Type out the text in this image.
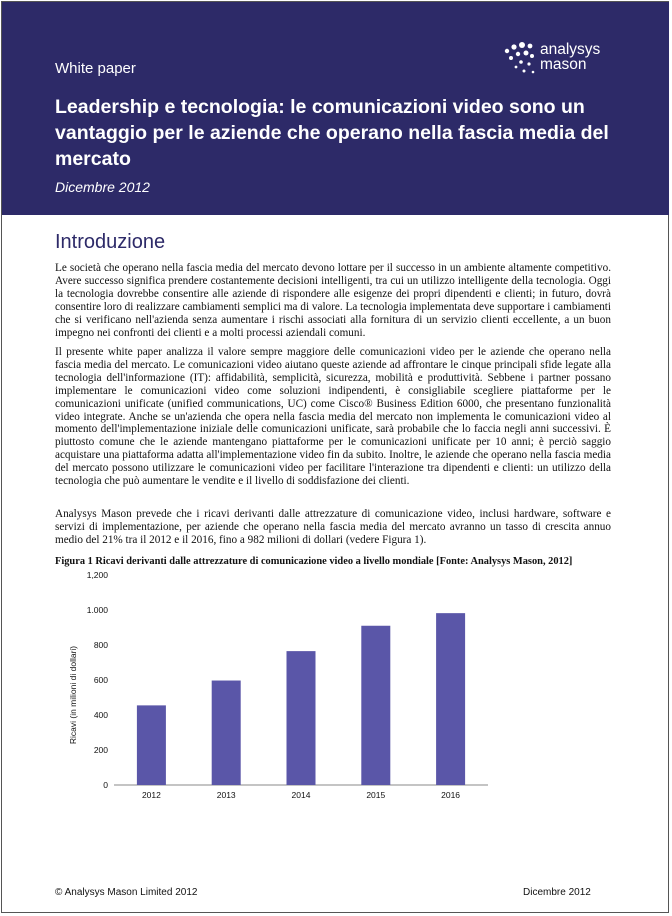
White paper
analysys
mason
Leadership e tecnologia: le comunicazioni video sono un vantaggio per le aziende che operano nella fascia media del mercato
Dicembre 2012
Introduzione

Le società che operano nella fascia media del mercato devono lottare per il successo in un ambiente altamente competitivo. Avere successo significa prendere costantemente decisioni intelligenti, tra cui un utilizzo intelligente della tecnologia. Oggi la tecnologia dovrebbe consentire alle aziende di rispondere alle esigenze dei propri dipendenti e clienti; in futuro, dovrà consentire loro di realizzare cambiamenti semplici ma di valore. La tecnologia implementata deve supportare i cambiamenti che si verificano nell'azienda senza aumentare i rischi associati alla fornitura di un servizio clienti eccellente, a un buon impegno nei confronti dei clienti e a molti processi aziendali comuni.

Il presente white paper analizza il valore sempre maggiore delle comunicazioni video per le aziende che operano nella fascia media del mercato. Le comunicazioni video aiutano queste aziende ad affrontare le cinque principali sfide legate alla tecnologia dell'informazione (IT): affidabilità, semplicità, sicurezza, mobilità e produttività. Sebbene i partner possano implementare le comunicazioni video come soluzioni indipendenti, è consigliabile scegliere piattaforme per le comunicazioni unificate (unified communications, UC) come Cisco® Business Edition 6000, che presentano funzionalità video integrate. Anche se un'azienda che opera nella fascia media del mercato non implementa le comunicazioni video al momento dell'implementazione iniziale delle comunicazioni unificate, sarà probabile che lo faccia negli anni successivi. È piuttosto comune che le aziende mantengano piattaforme per le comunicazioni unificate per 10 anni; è perciò saggio acquistare una piattaforma adatta all'implementazione video fin da subito. Inoltre, le aziende che operano nella fascia media del mercato possono utilizzare le comunicazioni video per facilitare l'interazione tra dipendenti e clienti: un utilizzo della tecnologia che può aumentare le vendite e il livello di soddisfazione dei clienti.

Analysys Mason prevede che i ricavi derivanti dalle attrezzature di comunicazione video, inclusi hardware, software e servizi di implementazione, per aziende che operano nella fascia media del mercato avranno un tasso di crescita annuo medio del 21% tra il 2012 e il 2016, fino a 982 milioni di dollari (vedere Figura 1).

Figura 1 Ricavi derivanti dalle attrezzature di comunicazione video a livello mondiale [Fonte: Analysys Mason, 2012]

Ricavi (in milioni di dollari)
0
200
400
600
800
1.000
1,200
2012	2013	2014	2015	2016
© Analysys Mason Limited 2012	Dicembre 2012
